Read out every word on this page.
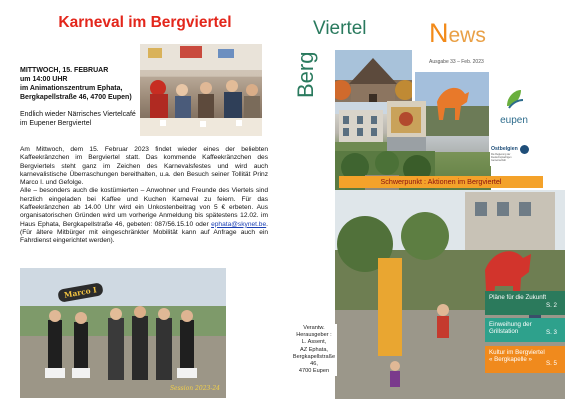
Karneval im Bergviertel
MITTWOCH, 15. FEBRUAR
um 14:00 UHR
im Animationszentrum Ephata, Bergkapellstraße 46, 4700 Eupen)
Endlich wieder Närrisches Viertelcafé im Eupener Bergviertel
Am Mittwoch, dem 15. Februar 2023 findet wieder eines der beliebten Kaffeekränzchen im Bergviertel statt. Das kommende Kaffeekränzchen des Bergviertels steht ganz im Zeichen des Karnevalsfestes und wird auch karnevalistische Überraschungen bereithalten, u.a. den Besuch seiner Tollität Prinz Marco I. und Gefolge.
Alle – besonders auch die kostümierten – Anwohner und Freunde des Viertels sind herzlich eingeladen bei Kaffee und Kuchen Karneval zu feiern. Für das Kaffeekränzchen ab 14.00 Uhr wird ein Unkostenbeitrag von 5 € erbeten. Aus organisatorischen Gründen wird um vorherige Anmeldung bis spätestens 12.02. im Haus Ephata, Bergkapellstraße 46, gebeten: 087/56.15.10 oder ephata@skynet.be. (Für ältere Mitbürger mit eingeschränkter Mobilität kann auf Anfrage auch ein Fahrdienst eingerichtet werden).
Marco I
Session 2023-24
Viertel
Berg
News
Ausgabe 33 – Feb. 2023
eupen
Ostbelgien
Die Regierung der Deutschsprachigen Gemeinschaft
Schwerpunkt : Aktionen im Bergviertel
Verantw.
Herausgeber :
L. Assent,
AZ Ephata,
Bergkapellstraße 46,
4700 Eupen
Pläne für die Zukunft
S. 2
Einweihung der Grillstation	S. 3
Kultur im Bergviertel « Bergkapelle »
S. 5
